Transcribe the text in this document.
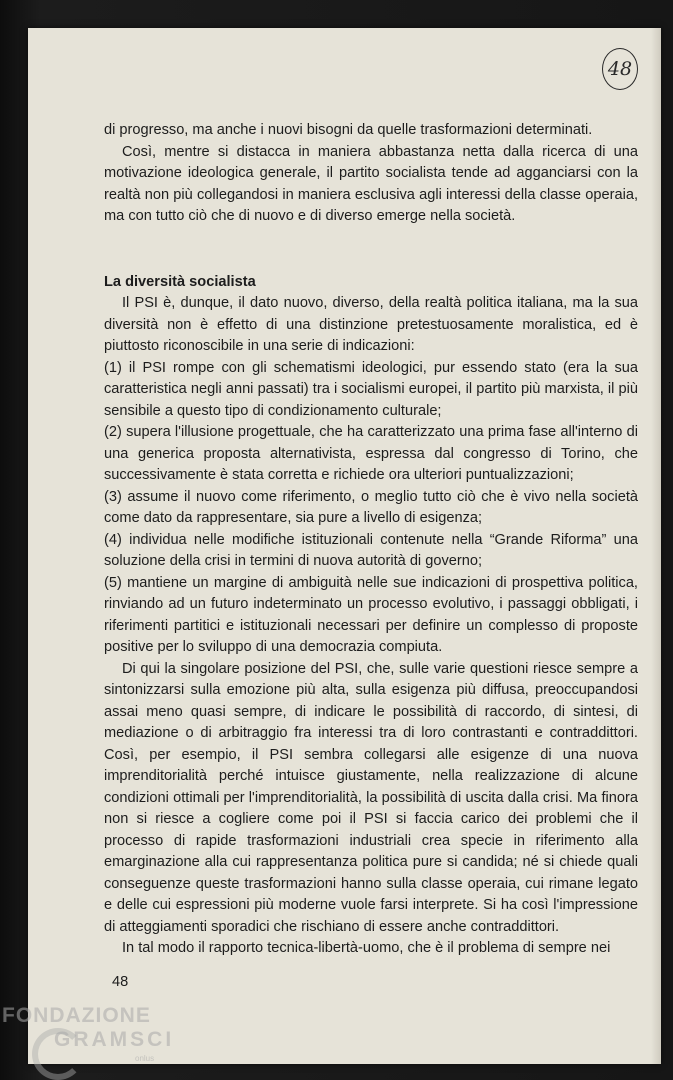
48

di progresso, ma anche i nuovi bisogni da quelle trasformazioni determinati.

Così, mentre si distacca in maniera abbastanza netta dalla ricerca di una motivazione ideologica generale, il partito socialista tende ad agganciarsi con la realtà non più collegandosi in maniera esclusiva agli interessi della classe operaia, ma con tutto ciò che di nuovo e di diverso emerge nella società.

La diversità socialista

Il PSI è, dunque, il dato nuovo, diverso, della realtà politica italiana, ma la sua diversità non è effetto di una distinzione pretestuosamente moralistica, ed è piuttosto riconoscibile in una serie di indicazioni:

(1) il PSI rompe con gli schematismi ideologici, pur essendo stato (era la sua caratteristica negli anni passati) tra i socialismi europei, il partito più marxista, il più sensibile a questo tipo di condizionamento culturale;

(2) supera l'illusione progettuale, che ha caratterizzato una prima fase all'interno di una generica proposta alternativista, espressa dal congresso di Torino, che successivamente è stata corretta e richiede ora ulteriori puntualizzazioni;

(3) assume il nuovo come riferimento, o meglio tutto ciò che è vivo nella società come dato da rappresentare, sia pure a livello di esigenza;

(4) individua nelle modifiche istituzionali contenute nella “Grande Riforma” una soluzione della crisi in termini di nuova autorità di governo;

(5) mantiene un margine di ambiguità nelle sue indicazioni di prospettiva politica, rinviando ad un futuro indeterminato un processo evolutivo, i passaggi obbligati, i riferimenti partitici e istituzionali necessari per definire un complesso di proposte positive per lo sviluppo di una democrazia compiuta.

Di qui la singolare posizione del PSI, che, sulle varie questioni riesce sempre a sintonizzarsi sulla emozione più alta, sulla esigenza più diffusa, preoccupandosi assai meno quasi sempre, di indicare le possibilità di raccordo, di sintesi, di mediazione o di arbitraggio fra interessi tra di loro contrastanti e contraddittori. Così, per esempio, il PSI sembra collegarsi alle esigenze di una nuova imprenditorialità perché intuisce giustamente, nella realizzazione di alcune condizioni ottimali per l'imprenditorialità, la possibilità di uscita dalla crisi. Ma finora non si riesce a cogliere come poi il PSI si faccia carico dei problemi che il processo di rapide trasformazioni industriali crea specie in riferimento alla emarginazione alla cui rappresentanza politica pure si candida; né si chiede quali conseguenze queste trasformazioni hanno sulla classe operaia, cui rimane legato e delle cui espressioni più moderne vuole farsi interprete. Si ha così l'impressione di atteggiamenti sporadici che rischiano di essere anche contraddittori.

In tal modo il rapporto tecnica-libertà-uomo, che è il problema di sempre nei

48
FONDAZIONE
GRAMSCI
onlus
